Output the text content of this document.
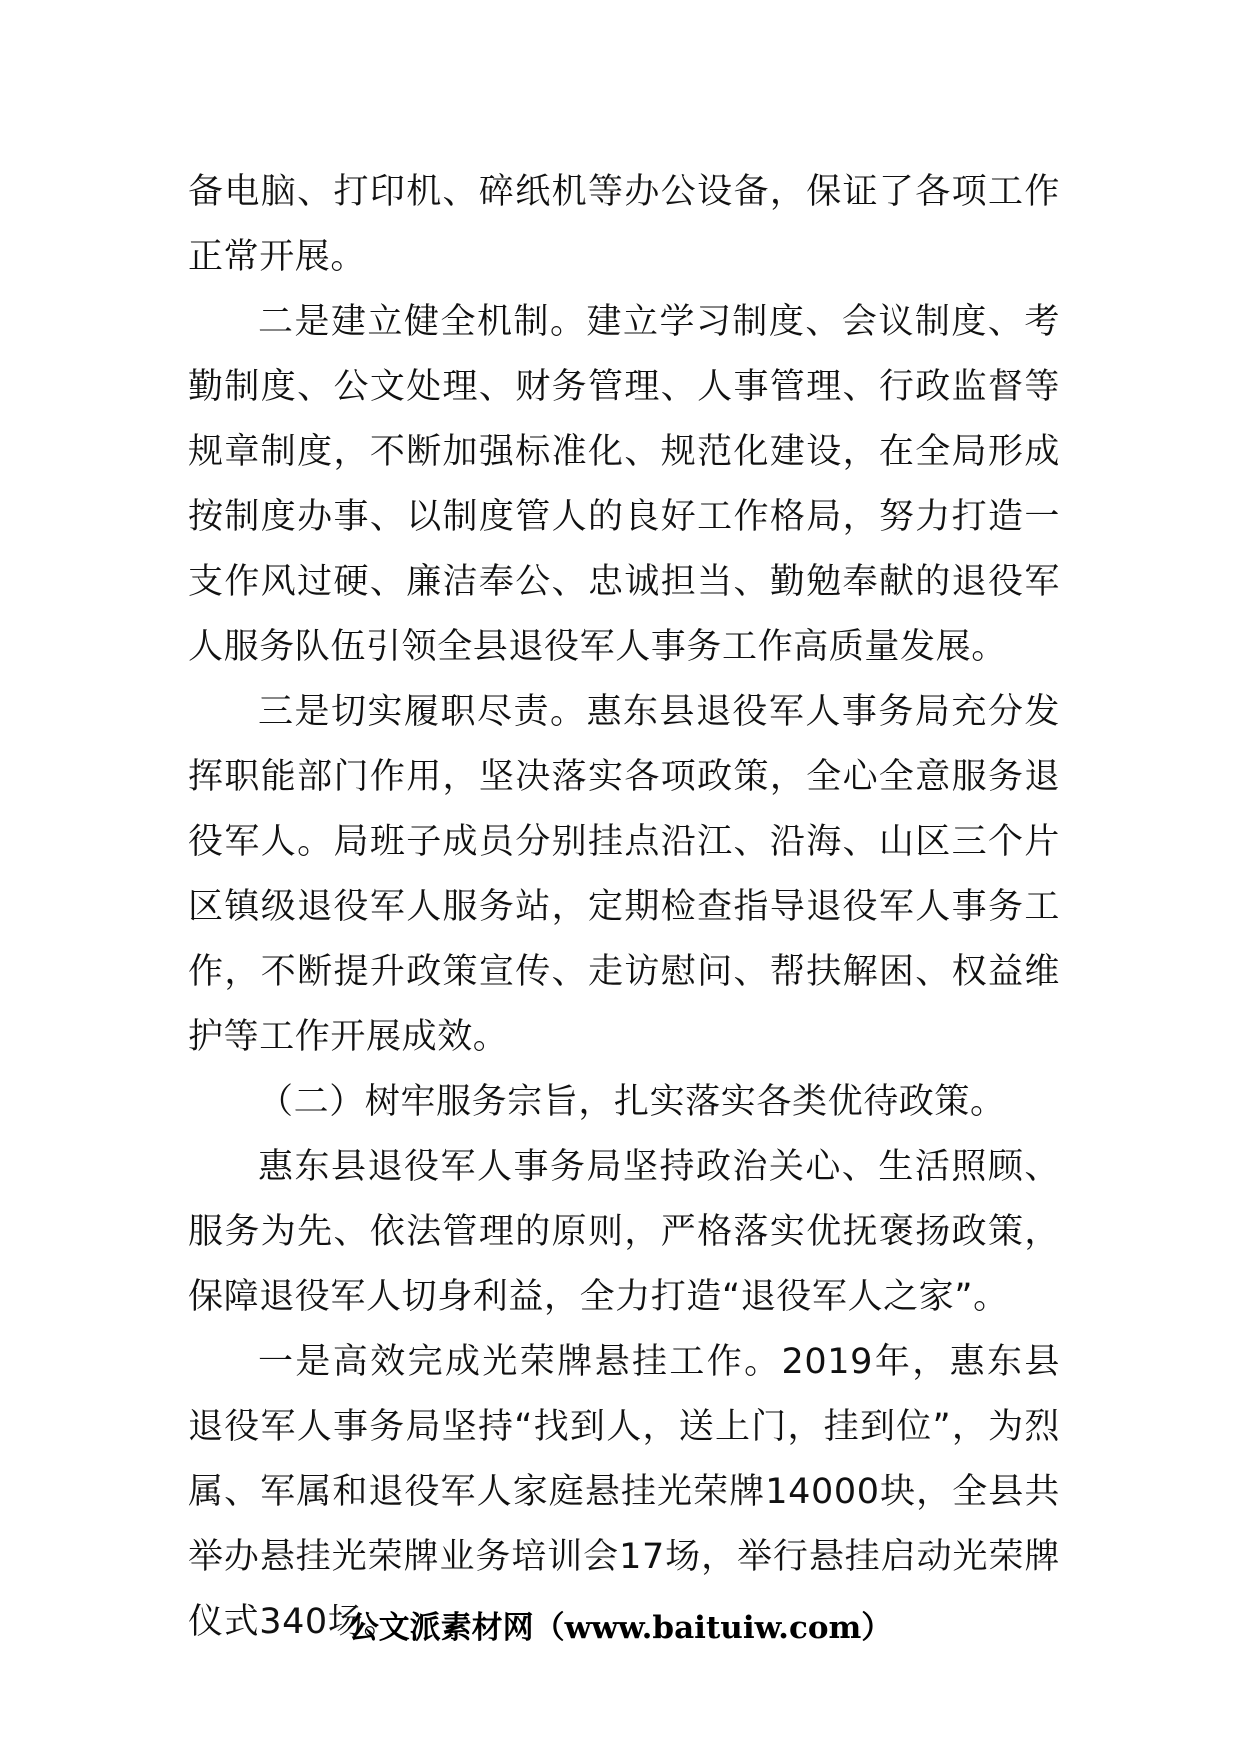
备电脑、打印机、碎纸机等办公设备，保证了各项工作正常开展。

二是建立健全机制。建立学习制度、会议制度、考勤制度、公文处理、财务管理、人事管理、行政监督等规章制度，不断加强标准化、规范化建设，在全局形成按制度办事、以制度管人的良好工作格局，努力打造一支作风过硬、廉洁奉公、忠诚担当、勤勉奉献的退役军人服务队伍引领全县退役军人事务工作高质量发展。

三是切实履职尽责。惠东县退役军人事务局充分发挥职能部门作用，坚决落实各项政策，全心全意服务退役军人。局班子成员分别挂点沿江、沿海、山区三个片区镇级退役军人服务站，定期检查指导退役军人事务工作，不断提升政策宣传、走访慰问、帮扶解困、权益维护等工作开展成效。

（二）树牢服务宗旨，扎实落实各类优待政策。

惠东县退役军人事务局坚持政治关心、生活照顾、服务为先、依法管理的原则，严格落实优抚褒扬政策，保障退役军人切身利益，全力打造“退役军人之家”。

一是高效完成光荣牌悬挂工作。2019年，惠东县退役军人事务局坚持“找到人，送上门，挂到位”，为烈属、军属和退役军人家庭悬挂光荣牌14000块，全县共举办悬挂光荣牌业务培训会17场，举行悬挂启动光荣牌仪式340场。

公文派素材网（www.baituiw.com）
